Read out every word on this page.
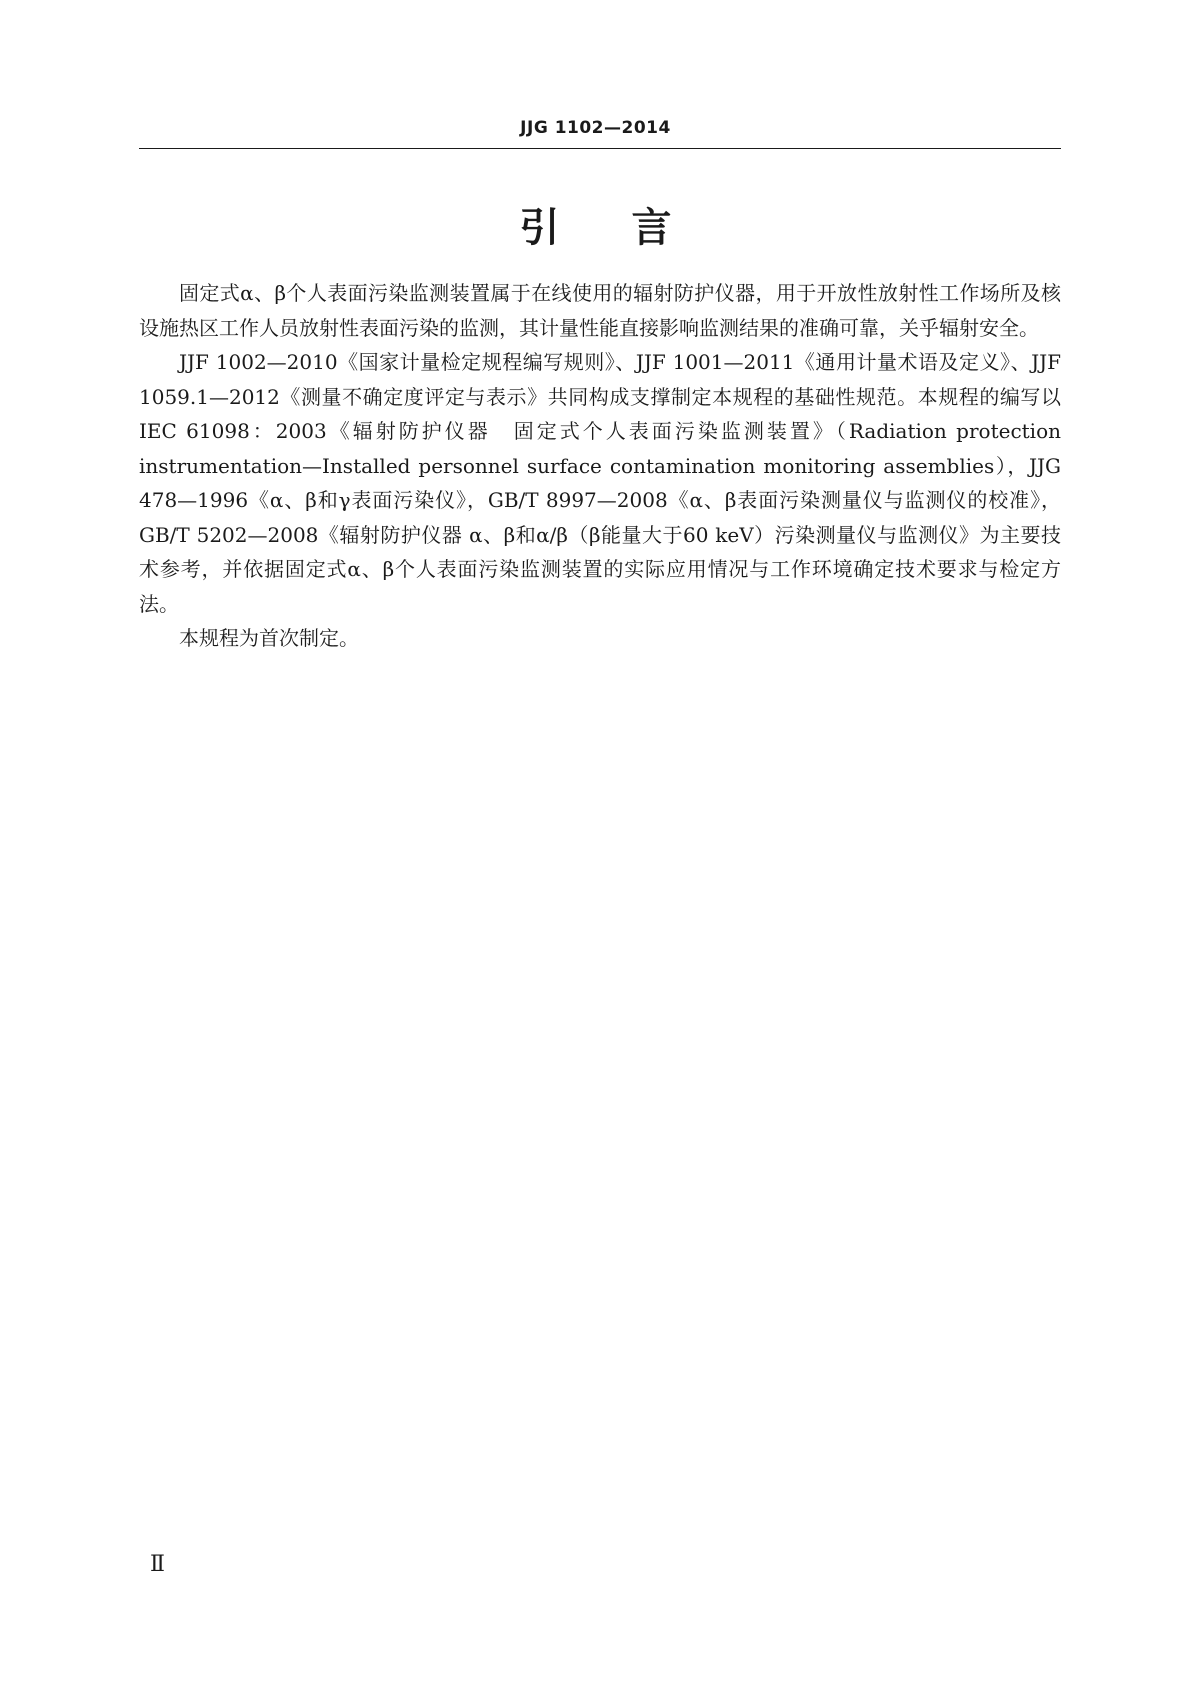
JJG 1102—2014
引言

固定式α、β个人表面污染监测装置属于在线使用的辐射防护仪器，用于开放性放射性工作场所及核设施热区工作人员放射性表面污染的监测，其计量性能直接影响监测结果的准确可靠，关乎辐射安全。

JJF 1002—2010《国家计量检定规程编写规则》、JJF 1001—2011《通用计量术语及定义》、JJF 1059.1—2012《测量不确定度评定与表示》共同构成支撑制定本规程的基础性规范。本规程的编写以IEC 61098：2003《辐射防护仪器　固定式个人表面污染监测装置》（Radiation protection instrumentation—Installed personnel surface contamination monitoring assemblies），JJG 478—1996《α、β和γ表面污染仪》，GB/T 8997—2008《α、β表面污染测量仪与监测仪的校准》，GB/T 5202—2008《辐射防护仪器 α、β和α/β（β能量大于60 keV）污染测量仪与监测仪》为主要技术参考，并依据固定式α、β个人表面污染监测装置的实际应用情况与工作环境确定技术要求与检定方法。

本规程为首次制定。

Ⅱ
